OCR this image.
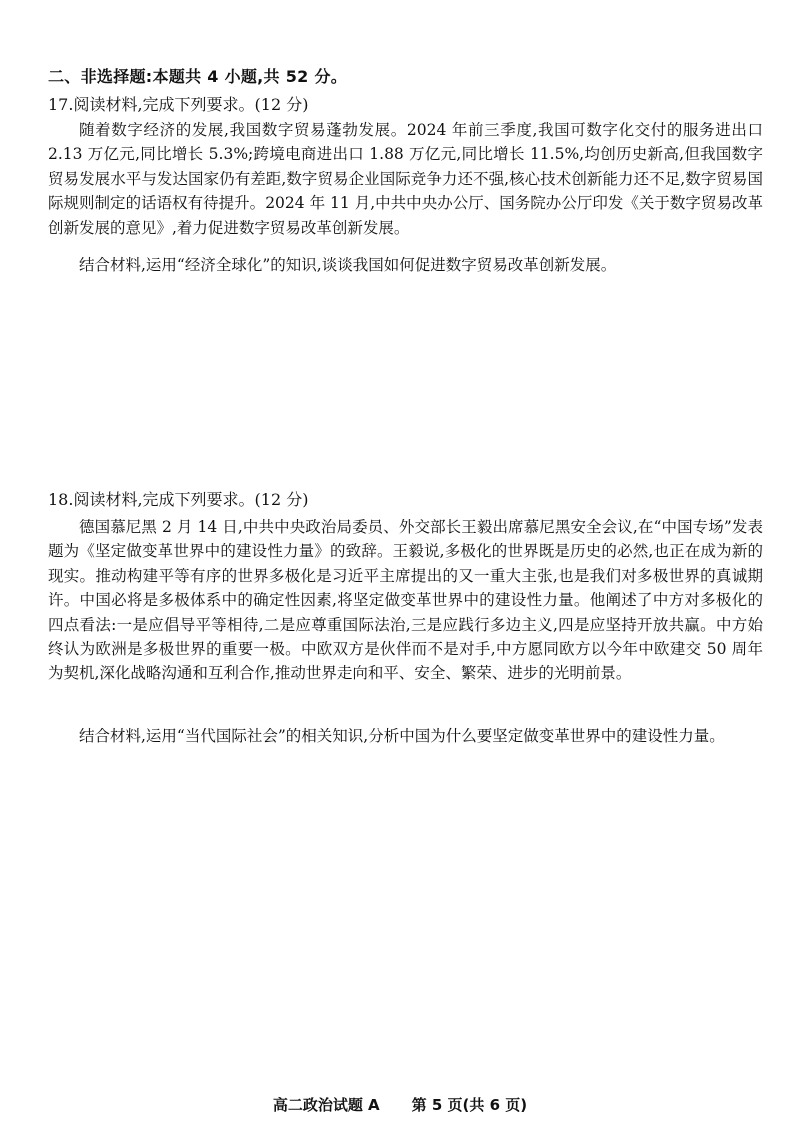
二、非选择题:本题共 4 小题,共 52 分。
17.阅读材料,完成下列要求。(12 分)

随着数字经济的发展,我国数字贸易蓬勃发展。2024 年前三季度,我国可数字化交付的服务进出口 2.13 万亿元,同比增长 5.3%;跨境电商进出口 1.88 万亿元,同比增长 11.5%,均创历史新高,但我国数字贸易发展水平与发达国家仍有差距,数字贸易企业国际竞争力还不强,核心技术创新能力还不足,数字贸易国际规则制定的话语权有待提升。2024 年 11 月,中共中央办公厅、国务院办公厅印发《关于数字贸易改革创新发展的意见》,着力促进数字贸易改革创新发展。

结合材料,运用“经济全球化”的知识,谈谈我国如何促进数字贸易改革创新发展。

18.阅读材料,完成下列要求。(12 分)

德国慕尼黑 2 月 14 日,中共中央政治局委员、外交部长王毅出席慕尼黑安全会议,在“中国专场”发表题为《坚定做变革世界中的建设性力量》的致辞。王毅说,多极化的世界既是历史的必然,也正在成为新的现实。推动构建平等有序的世界多极化是习近平主席提出的又一重大主张,也是我们对多极世界的真诚期许。中国必将是多极体系中的确定性因素,将坚定做变革世界中的建设性力量。他阐述了中方对多极化的四点看法:一是应倡导平等相待,二是应尊重国际法治,三是应践行多边主义,四是应坚持开放共赢。中方始终认为欧洲是多极世界的重要一极。中欧双方是伙伴而不是对手,中方愿同欧方以今年中欧建交 50 周年为契机,深化战略沟通和互利合作,推动世界走向和平、安全、繁荣、进步的光明前景。

结合材料,运用“当代国际社会”的相关知识,分析中国为什么要坚定做变革世界中的建设性力量。

高二政治试题 A 第 5 页(共 6 页)
